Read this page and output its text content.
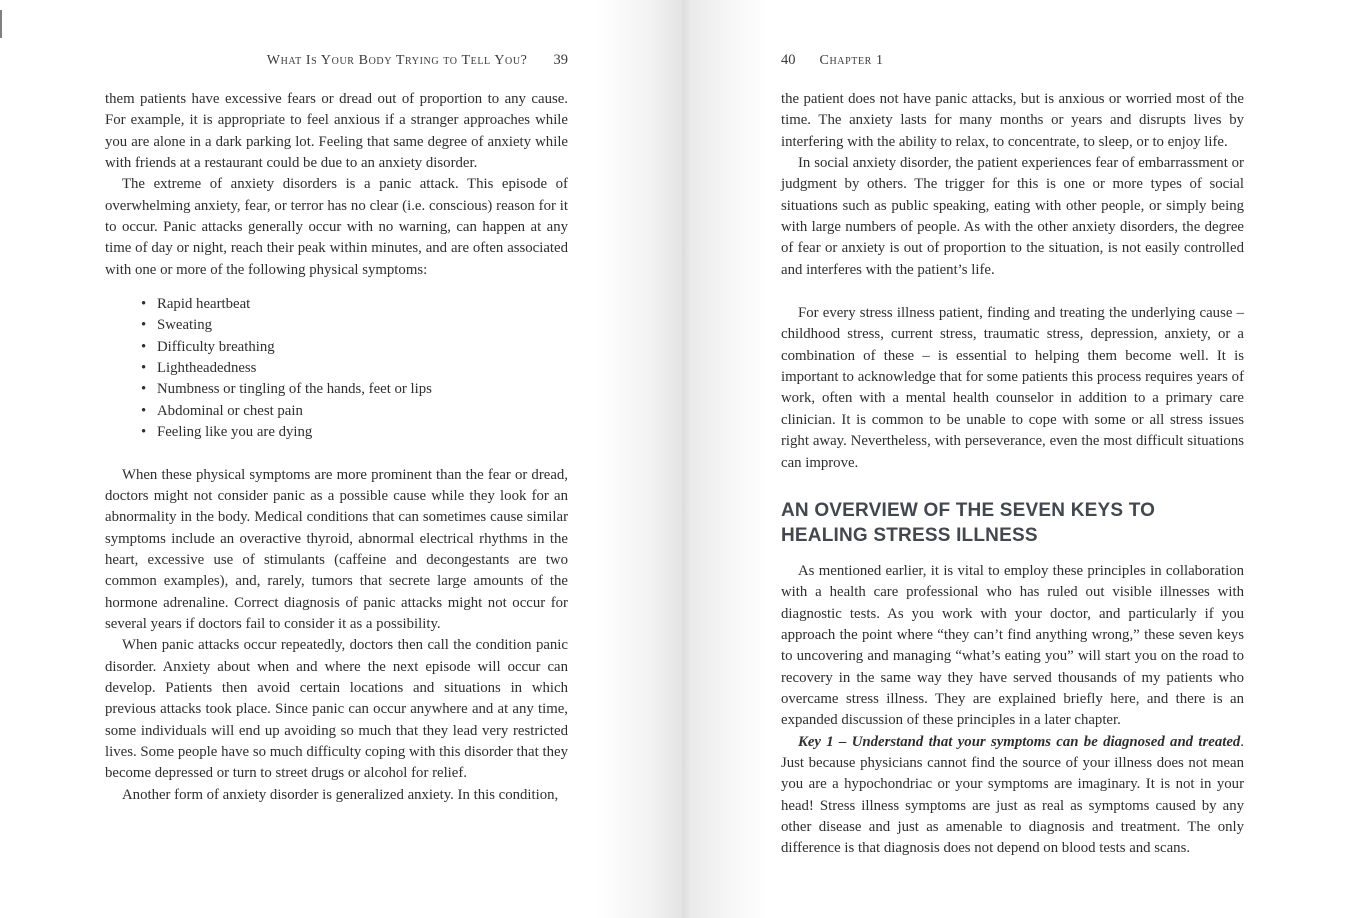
What Is Your Body Trying to Tell You? 39

them patients have excessive fears or dread out of proportion to any cause. For example, it is appropriate to feel anxious if a stranger approaches while you are alone in a dark parking lot. Feeling that same degree of anxiety while with friends at a restaurant could be due to an anxiety disorder.

The extreme of anxiety disorders is a panic attack. This episode of overwhelming anxiety, fear, or terror has no clear (i.e. conscious) reason for it to occur. Panic attacks generally occur with no warning, can happen at any time of day or night, reach their peak within minutes, and are often associated with one or more of the following physical symptoms:

• Rapid heartbeat
• Sweating
• Difficulty breathing
• Lightheadedness
• Numbness or tingling of the hands, feet or lips
• Abdominal or chest pain
• Feeling like you are dying

When these physical symptoms are more prominent than the fear or dread, doctors might not consider panic as a possible cause while they look for an abnormality in the body. Medical conditions that can sometimes cause similar symptoms include an overactive thyroid, abnormal electrical rhythms in the heart, excessive use of stimulants (caffeine and decongestants are two common examples), and, rarely, tumors that secrete large amounts of the hormone adrenaline. Correct diagnosis of panic attacks might not occur for several years if doctors fail to consider it as a possibility.

When panic attacks occur repeatedly, doctors then call the condition panic disorder. Anxiety about when and where the next episode will occur can develop. Patients then avoid certain locations and situations in which previous attacks took place. Since panic can occur anywhere and at any time, some individuals will end up avoiding so much that they lead very restricted lives. Some people have so much difficulty coping with this disorder that they become depressed or turn to street drugs or alcohol for relief.

Another form of anxiety disorder is generalized anxiety. In this condition,

40 Chapter 1

the patient does not have panic attacks, but is anxious or worried most of the time. The anxiety lasts for many months or years and disrupts lives by interfering with the ability to relax, to concentrate, to sleep, or to enjoy life.

In social anxiety disorder, the patient experiences fear of embarrassment or judgment by others. The trigger for this is one or more types of social situations such as public speaking, eating with other people, or simply being with large numbers of people. As with the other anxiety disorders, the degree of fear or anxiety is out of proportion to the situation, is not easily controlled and interferes with the patient’s life.

For every stress illness patient, finding and treating the underlying cause – childhood stress, current stress, traumatic stress, depression, anxiety, or a combination of these – is essential to helping them become well. It is important to acknowledge that for some patients this process requires years of work, often with a mental health counselor in addition to a primary care clinician. It is common to be unable to cope with some or all stress issues right away. Nevertheless, with perseverance, even the most difficult situations can improve.

AN OVERVIEW OF THE SEVEN KEYS TO
HEALING STRESS ILLNESS

As mentioned earlier, it is vital to employ these principles in collaboration with a health care professional who has ruled out visible illnesses with diagnostic tests. As you work with your doctor, and particularly if you approach the point where “they can’t find anything wrong,” these seven keys to uncovering and managing “what’s eating you” will start you on the road to recovery in the same way they have served thousands of my patients who overcame stress illness. They are explained briefly here, and there is an expanded discussion of these principles in a later chapter.

Key 1 – Understand that your symptoms can be diagnosed and treated. Just because physicians cannot find the source of your illness does not mean you are a hypochondriac or your symptoms are imaginary. It is not in your head! Stress illness symptoms are just as real as symptoms caused by any other disease and just as amenable to diagnosis and treatment. The only difference is that diagnosis does not depend on blood tests and scans.
